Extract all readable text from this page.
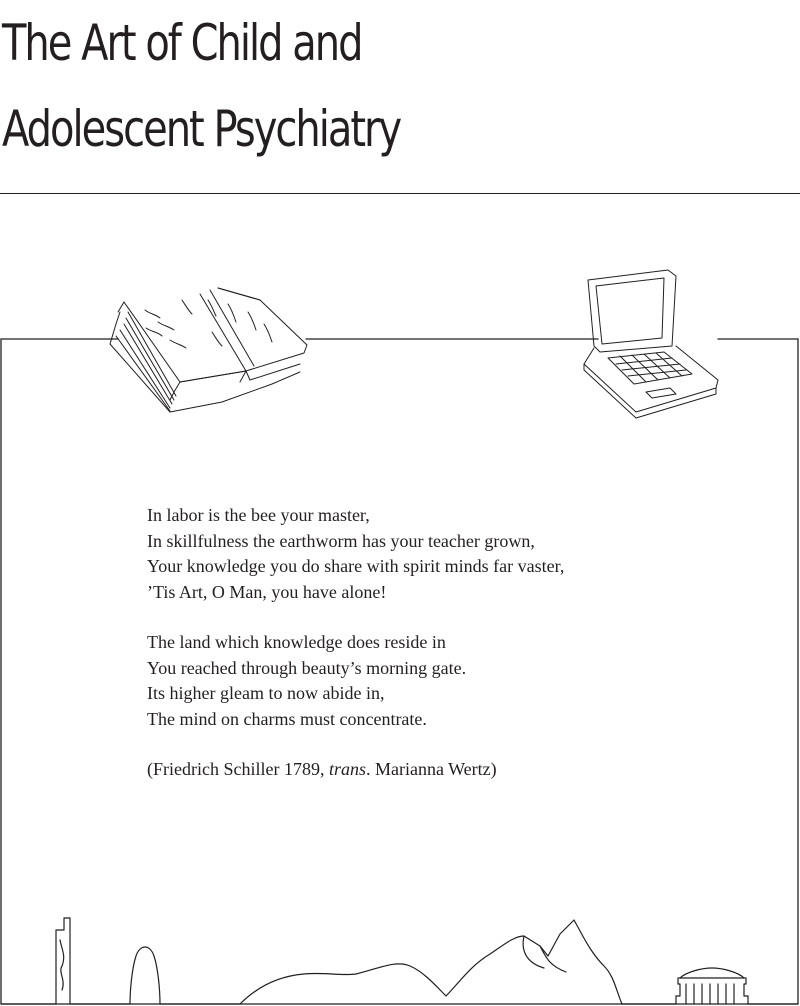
The Art of Child and
Adolescent Psychiatry
In labor is the bee your master,
In skillfulness the earthworm has your teacher grown,
Your knowledge you do share with spirit minds far vaster,
’Tis Art, O Man, you have alone!
The land which knowledge does reside in
You reached through beauty’s morning gate.
Its higher gleam to now abide in,
The mind on charms must concentrate.

(Friedrich Schiller 1789, trans. Marianna Wertz)
